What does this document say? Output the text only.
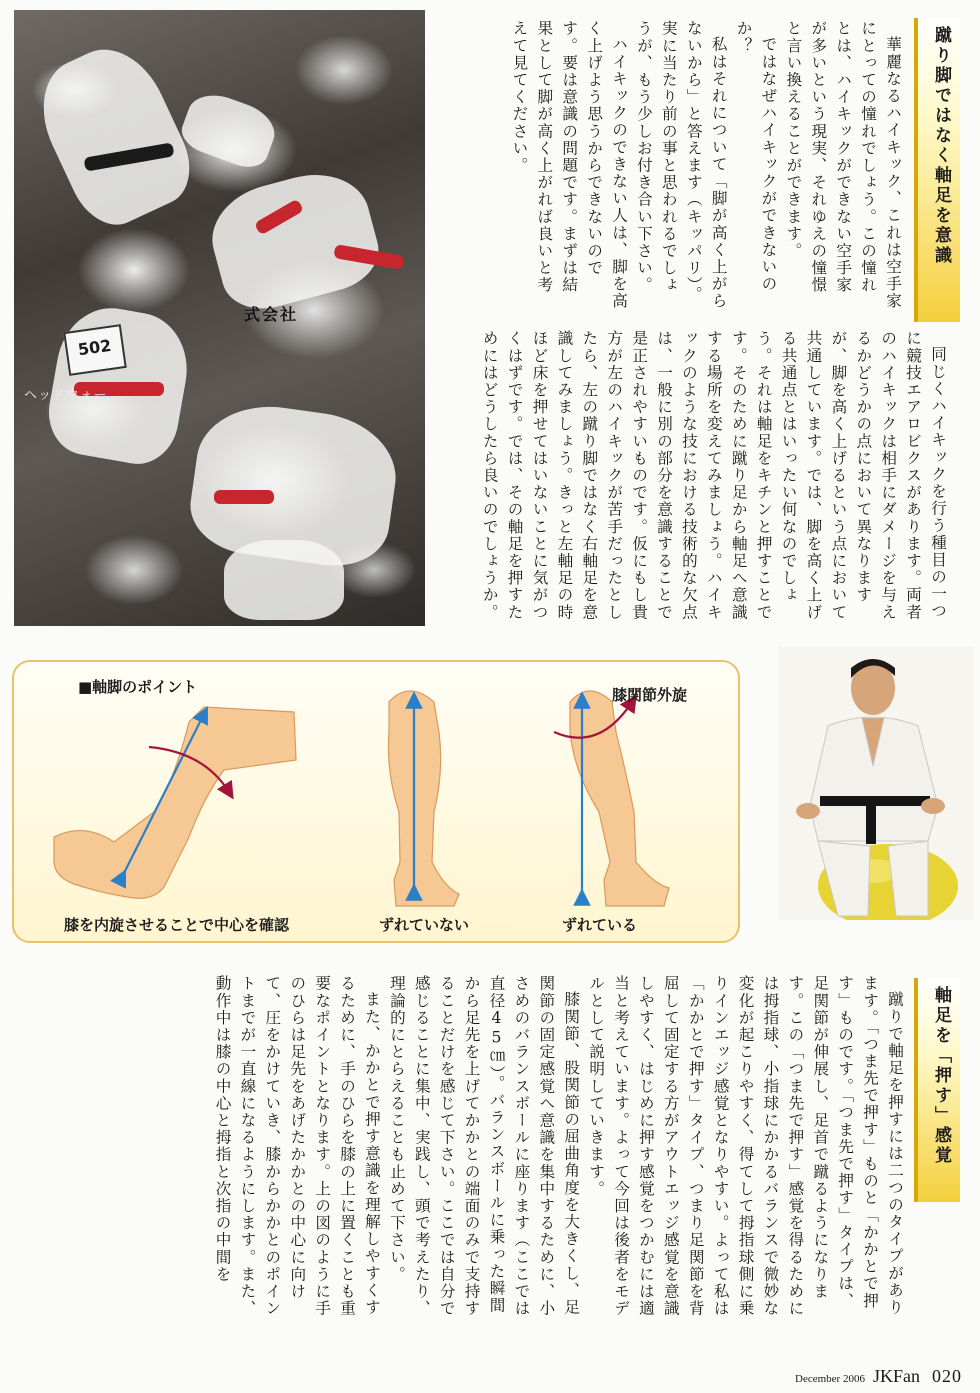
502
式会社
ヘッドウォー
蹴り脚ではなく軸足を意識

華麗なるハイキック、これは空手家にとっての憧れでしょう。この憧れとは、ハイキックができない空手家が多いという現実、それゆえの憧憬と言い換えることができます。

ではなぜハイキックができないのか？

私はそれについて「脚が高く上がらないから」と答えます（キッパリ）。実に当たり前の事と思われるでしょうが、もう少しお付き合い下さい。

ハイキックのできない人は、脚を高く上げよう思うからできないのです。要は意識の問題です。まずは結果として脚が高く上がれば良いと考えて見てください。

同じくハイキックを行う種目の一つに競技エアロビクスがあります。両者のハイキックは相手にダメージを与えるかどうかの点において異なりますが、脚を高く上げるという点において共通しています。では、脚を高く上げる共通点とはいったい何なのでしょう。それは軸足をキチンと押すことです。そのために蹴り足から軸足へ意識する場所を変えてみましょう。ハイキックのような技における技術的な欠点は、一般に別の部分を意識することで是正されやすいものです。仮にもし貴方が左のハイキックが苦手だったとしたら、左の蹴り脚ではなく右軸足を意識してみましょう。きっと左軸足の時ほど床を押せてはいないことに気がつくはずです。では、その軸足を押すためにはどうしたら良いのでしょうか。

■軸脚のポイント	膝関節外旋
膝を内旋させることで中心を確認	ずれていない	ずれている
軸足を「押す」感覚

蹴りで軸足を押すには二つのタイプがあります。「つま先で押す」ものと「かかとで押す」ものです。「つま先で押す」タイプは、足関節が伸展し、足首で蹴るようになります。この「つま先で押す」感覚を得るためには拇指球、小指球にかかるバランスで微妙な変化が起こりやすく、得てして拇指球側に乗りインエッジ感覚となりやすい。よって私は「かかとで押す」タイプ、つまり足関節を背屈して固定する方がアウトエッジ感覚を意識しやすく、はじめに押す感覚をつかむには適当と考えています。よって今回は後者をモデルとして説明していきます。

膝関節、股関節の屈曲角度を大きくし、足関節の固定感覚へ意識を集中するために、小さめのバランスボールに座ります（ここでは直径45㎝）。バランスボールに乗った瞬間から足先を上げてかかとの端面のみで支持することだけを感じて下さい。ここでは自分で感じることに集中、実践し、頭で考えたり、理論的にとらえることも止めて下さい。

また、かかとで押す意識を理解しやすくするために、手のひらを膝の上に置くことも重要なポイントとなります。上の図のように手のひらは足先をあげたかかとの中心に向けて、圧をかけていき、膝からかかとのポイントまでが一直線になるようにします。また、動作中は膝の中心と拇指と次指の中間を

December 2006 JKFan 020
